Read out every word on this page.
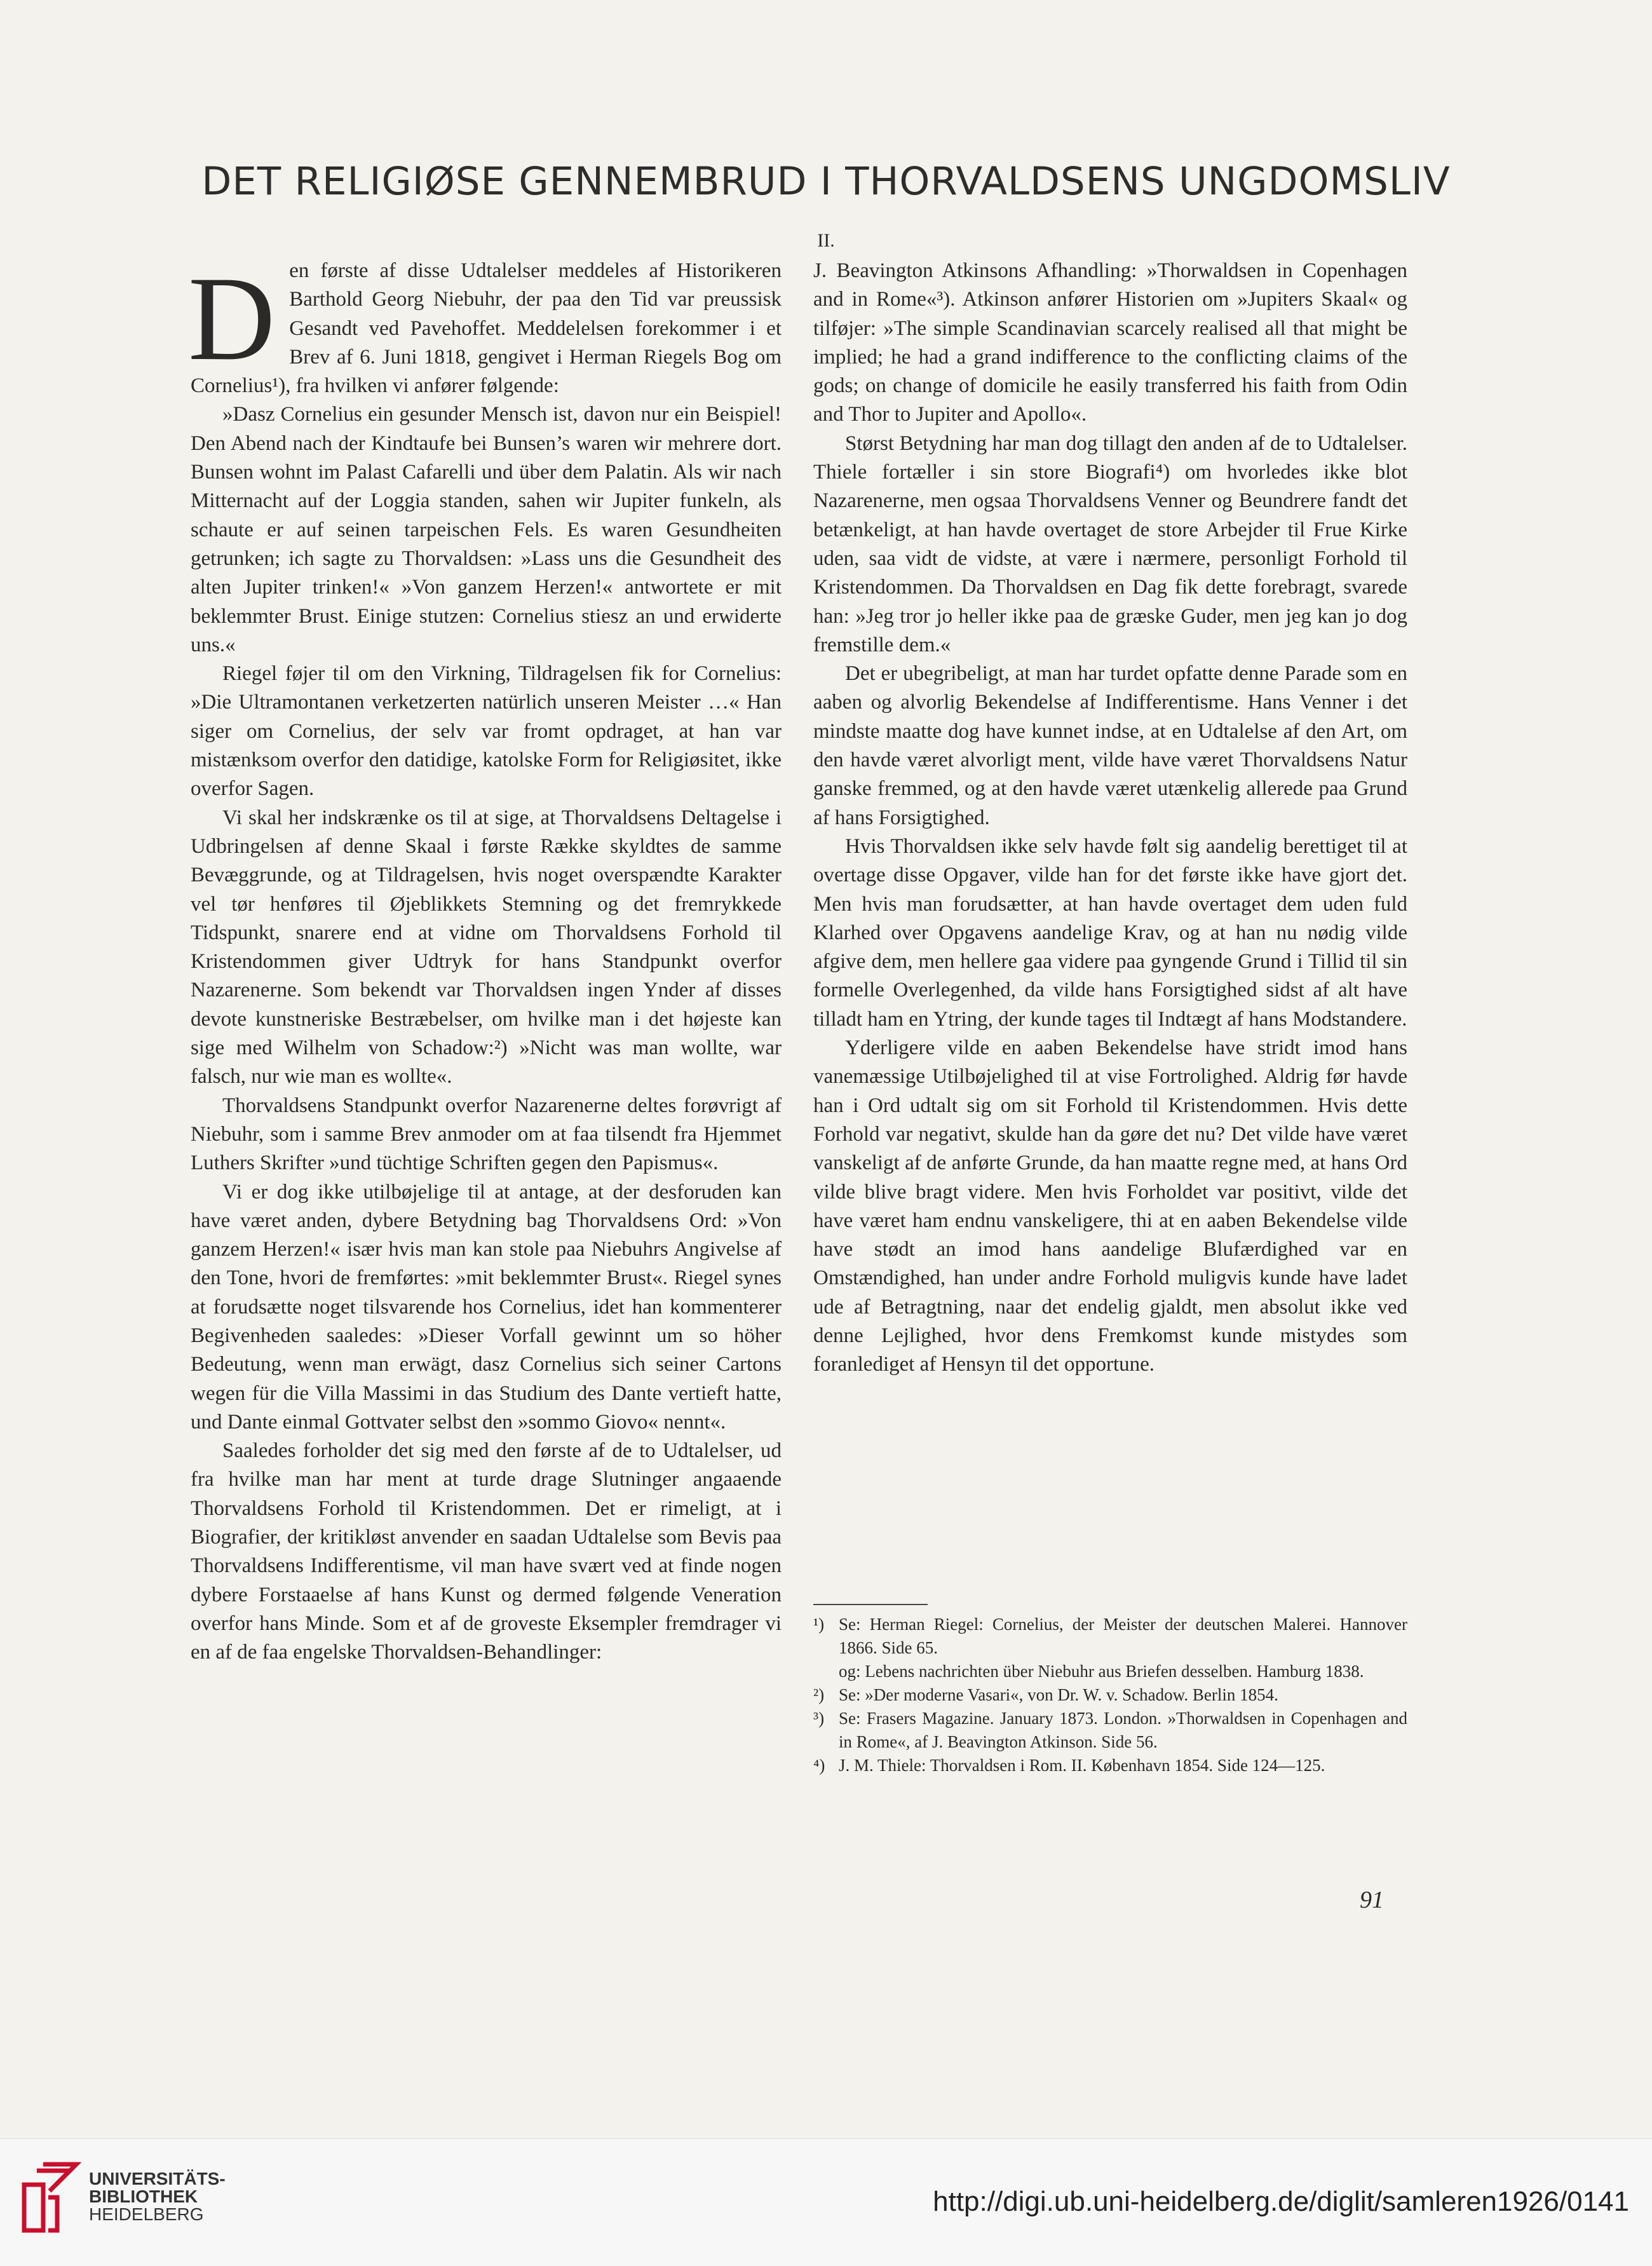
DET RELIGIØSE GENNEMBRUD I THORVALDSENS UNGDOMSLIV
II.

Den første af disse Udtalelser meddeles af Historikeren Barthold Georg Niebuhr, der paa den Tid var preussisk Gesandt ved Pavehoffet. Meddelelsen forekommer i et Brev af 6. Juni 1818, gengivet i Herman Riegels Bog om Cornelius¹), fra hvilken vi anfører følgende:

»Dasz Cornelius ein gesunder Mensch ist, davon nur ein Beispiel! Den Abend nach der Kindtaufe bei Bunsen’s waren wir mehrere dort. Bunsen wohnt im Palast Cafarelli und über dem Palatin. Als wir nach Mitternacht auf der Loggia standen, sahen wir Jupiter funkeln, als schaute er auf seinen tarpeischen Fels. Es waren Gesundheiten getrunken; ich sagte zu Thorvaldsen: »Lass uns die Gesundheit des alten Jupiter trinken!« »Von ganzem Herzen!« antwortete er mit beklemmter Brust. Einige stutzen: Cornelius stiesz an und erwiderte uns.«

Riegel føjer til om den Virkning, Tildragelsen fik for Cornelius: »Die Ultramontanen verketzerten natürlich unseren Meister …« Han siger om Cornelius, der selv var fromt opdraget, at han var mistænksom overfor den datidige, katolske Form for Religiøsitet, ikke overfor Sagen.

Vi skal her indskrænke os til at sige, at Thorvaldsens Deltagelse i Udbringelsen af denne Skaal i første Række skyldtes de samme Bevæggrunde, og at Tildragelsen, hvis noget overspændte Karakter vel tør henføres til Øjeblikkets Stemning og det fremrykkede Tidspunkt, snarere end at vidne om Thorvaldsens Forhold til Kristendommen giver Udtryk for hans Standpunkt overfor Nazarenerne. Som bekendt var Thorvaldsen ingen Ynder af disses devote kunstneriske Bestræbelser, om hvilke man i det højeste kan sige med Wilhelm von Schadow:²) »Nicht was man wollte, war falsch, nur wie man es wollte«.

Thorvaldsens Standpunkt overfor Nazarenerne deltes forøvrigt af Niebuhr, som i samme Brev anmoder om at faa tilsendt fra Hjemmet Luthers Skrifter »und tüchtige Schriften gegen den Papismus«.

Vi er dog ikke utilbøjelige til at antage, at der desforuden kan have været anden, dybere Betydning bag Thorvaldsens Ord: »Von ganzem Herzen!« især hvis man kan stole paa Niebuhrs Angivelse af den Tone, hvori de fremførtes: »mit beklemmter Brust«. Riegel synes at forudsætte noget tilsvarende hos Cornelius, idet han kommenterer Begivenheden saaledes: »Dieser Vorfall gewinnt um so höher Bedeutung, wenn man erwägt, dasz Cornelius sich seiner Cartons wegen für die Villa Massimi in das Studium des Dante vertieft hatte, und Dante einmal Gottvater selbst den »sommo Giovo« nennt«.

Saaledes forholder det sig med den første af de to Udtalelser, ud fra hvilke man har ment at turde drage Slutninger angaaende Thorvaldsens Forhold til Kristendommen. Det er rimeligt, at i Biografier, der kritikløst anvender en saadan Udtalelse som Bevis paa Thorvaldsens Indifferentisme, vil man have svært ved at finde nogen dybere Forstaaelse af hans Kunst og dermed følgende Veneration overfor hans Minde. Som et af de groveste Eksempler fremdrager vi en af de faa engelske Thorvaldsen-Behandlinger:

J. Beavington Atkinsons Afhandling: »Thorwaldsen in Copenhagen and in Rome«³). Atkinson anfører Historien om »Jupiters Skaal« og tilføjer: »The simple Scandinavian scarcely realised all that might be implied; he had a grand indifference to the conflicting claims of the gods; on change of domicile he easily transferred his faith from Odin and Thor to Jupiter and Apollo«.

Størst Betydning har man dog tillagt den anden af de to Udtalelser. Thiele fortæller i sin store Biografi⁴) om hvorledes ikke blot Nazarenerne, men ogsaa Thorvaldsens Venner og Beundrere fandt det betænkeligt, at han havde overtaget de store Arbejder til Frue Kirke uden, saa vidt de vidste, at være i nærmere, personligt Forhold til Kristendommen. Da Thorvaldsen en Dag fik dette forebragt, svarede han: »Jeg tror jo heller ikke paa de græske Guder, men jeg kan jo dog fremstille dem.«

Det er ubegribeligt, at man har turdet opfatte denne Parade som en aaben og alvorlig Bekendelse af Indifferentisme. Hans Venner i det mindste maatte dog have kunnet indse, at en Udtalelse af den Art, om den havde været alvorligt ment, vilde have været Thorvaldsens Natur ganske fremmed, og at den havde været utænkelig allerede paa Grund af hans Forsigtighed.

Hvis Thorvaldsen ikke selv havde følt sig aandelig berettiget til at overtage disse Opgaver, vilde han for det første ikke have gjort det. Men hvis man forudsætter, at han havde overtaget dem uden fuld Klarhed over Opgavens aandelige Krav, og at han nu nødig vilde afgive dem, men hellere gaa videre paa gyngende Grund i Tillid til sin formelle Overlegenhed, da vilde hans Forsigtighed sidst af alt have tilladt ham en Ytring, der kunde tages til Indtægt af hans Modstandere.

Yderligere vilde en aaben Bekendelse have stridt imod hans vanemæssige Utilbøjelighed til at vise Fortrolighed. Aldrig før havde han i Ord udtalt sig om sit Forhold til Kristendommen. Hvis dette Forhold var negativt, skulde han da gøre det nu? Det vilde have været vanskeligt af de anførte Grunde, da han maatte regne med, at hans Ord vilde blive bragt videre. Men hvis Forholdet var positivt, vilde det have været ham endnu vanskeligere, thi at en aaben Bekendelse vilde have stødt an imod hans aandelige Blufærdighed var en Omstændighed, han under andre Forhold muligvis kunde have ladet ude af Betragtning, naar det endelig gjaldt, men absolut ikke ved denne Lejlighed, hvor dens Fremkomst kunde mistydes som foranlediget af Hensyn til det opportune.

¹) Se: Herman Riegel: Cornelius, der Meister der deutschen Malerei. Hannover 1866. Side 65.
og: Lebens nachrichten über Niebuhr aus Briefen desselben. Hamburg 1838.
²) Se: »Der moderne Vasari«, von Dr. W. v. Schadow. Berlin 1854.
³) Se: Frasers Magazine. January 1873. London. »Thorwaldsen in Copenhagen and in Rome«, af J. Beavington Atkinson. Side 56.
⁴) J. M. Thiele: Thorvaldsen i Rom. II. København 1854. Side 124—125.
91
UNIVERSITÄTS-
BIBLIOTHEK
HEIDELBERG	http://digi.ub.uni-heidelberg.de/diglit/samleren1926/0141
